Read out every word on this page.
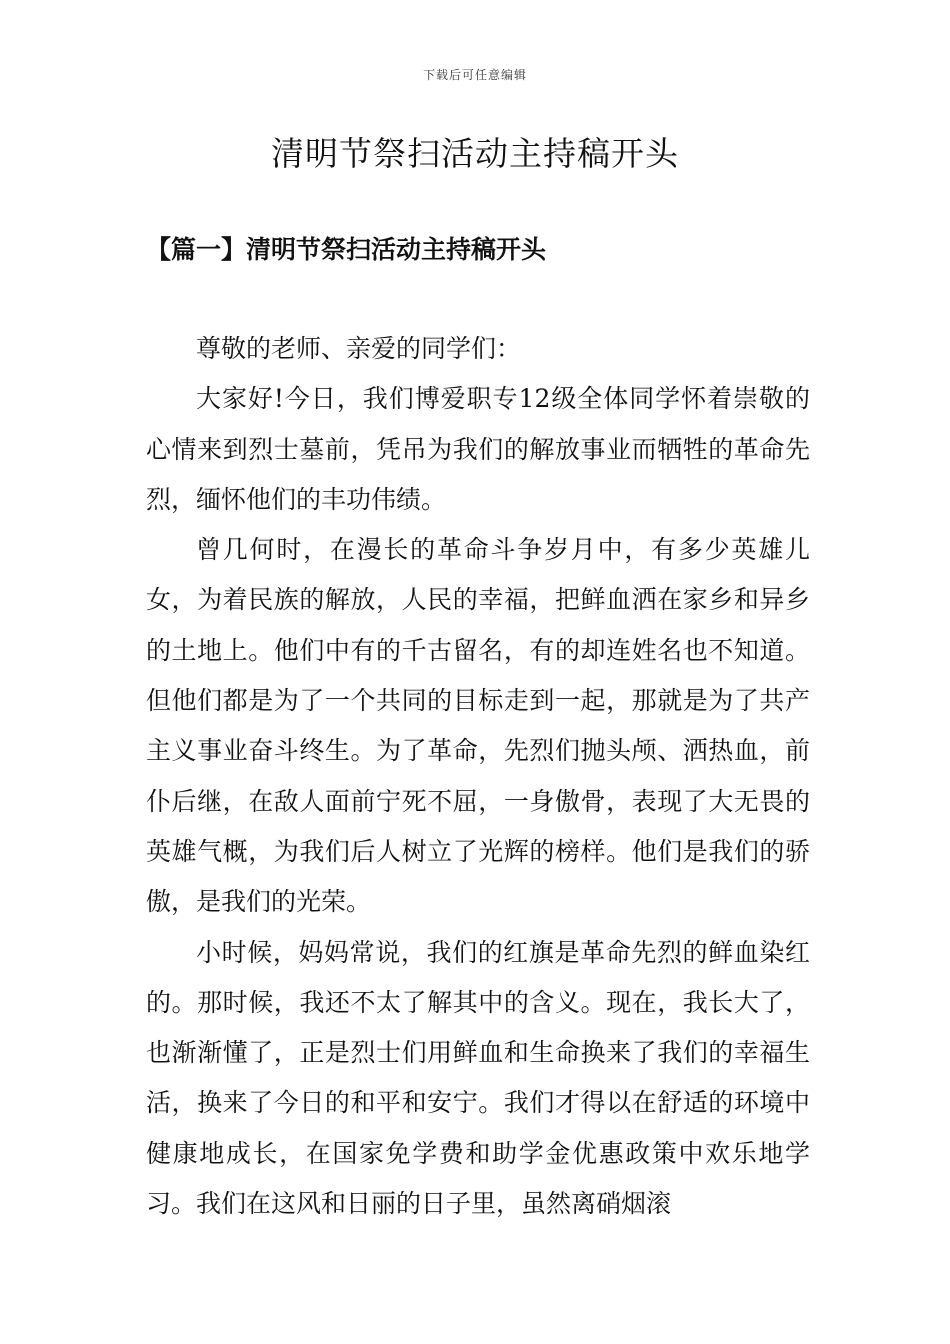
下载后可任意编辑
清明节祭扫活动主持稿开头
【篇一】清明节祭扫活动主持稿开头

尊敬的老师、亲爱的同学们：

大家好!今日，我们博爱职专12级全体同学怀着崇敬的心情来到烈士墓前，凭吊为我们的解放事业而牺牲的革命先烈，缅怀他们的丰功伟绩。

曾几何时，在漫长的革命斗争岁月中，有多少英雄儿女，为着民族的解放，人民的幸福，把鲜血洒在家乡和异乡的土地上。他们中有的千古留名，有的却连姓名也不知道。但他们都是为了一个共同的目标走到一起，那就是为了共产主义事业奋斗终生。为了革命，先烈们抛头颅、洒热血，前仆后继，在敌人面前宁死不屈，一身傲骨，表现了大无畏的英雄气概，为我们后人树立了光辉的榜样。他们是我们的骄傲，是我们的光荣。

小时候，妈妈常说，我们的红旗是革命先烈的鲜血染红的。那时候，我还不太了解其中的含义。现在，我长大了，也渐渐懂了，正是烈士们用鲜血和生命换来了我们的幸福生活，换来了今日的和平和安宁。我们才得以在舒适的环境中健康地成长，在国家免学费和助学金优惠政策中欢乐地学习。我们在这风和日丽的日子里，虽然离硝烟滚
